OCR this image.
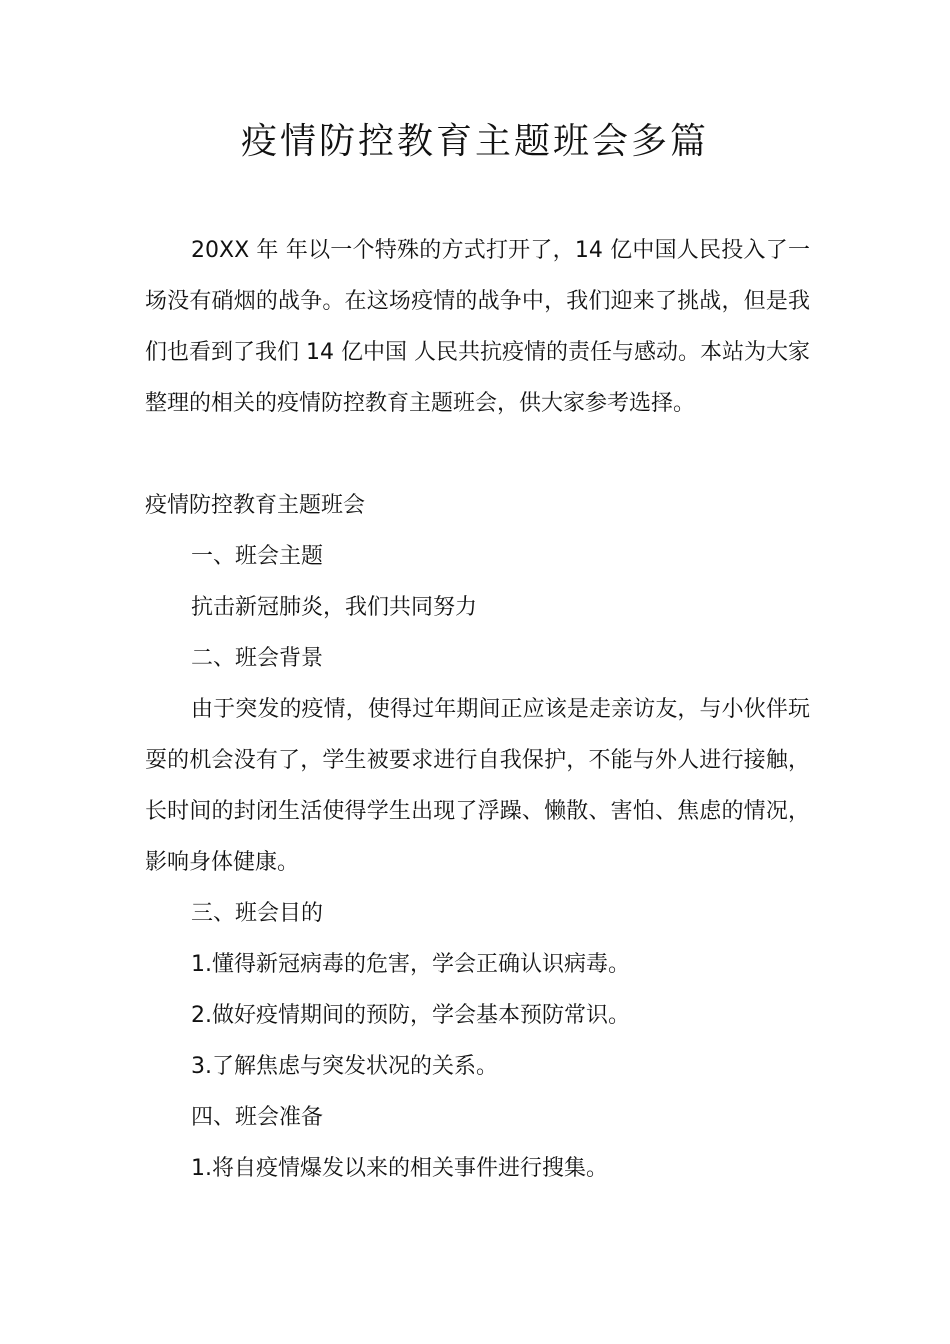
疫情防控教育主题班会多篇

20XX 年 年以一个特殊的方式打开了，14 亿中国人民投入了一场没有硝烟的战争。在这场疫情的战争中，我们迎来了挑战，但是我们也看到了我们 14 亿中国 人民共抗疫情的责任与感动。本站为大家整理的相关的疫情防控教育主题班会，供大家参考选择。

疫情防控教育主题班会

一、班会主题

抗击新冠肺炎，我们共同努力

二、班会背景

由于突发的疫情，使得过年期间正应该是走亲访友，与小伙伴玩耍的机会没有了，学生被要求进行自我保护，不能与外人进行接触，长时间的封闭生活使得学生出现了浮躁、懒散、害怕、焦虑的情况，影响身体健康。

三、班会目的

1.懂得新冠病毒的危害，学会正确认识病毒。

2.做好疫情期间的预防，学会基本预防常识。

3.了解焦虑与突发状况的关系。

四、班会准备

1.将自疫情爆发以来的相关事件进行搜集。
